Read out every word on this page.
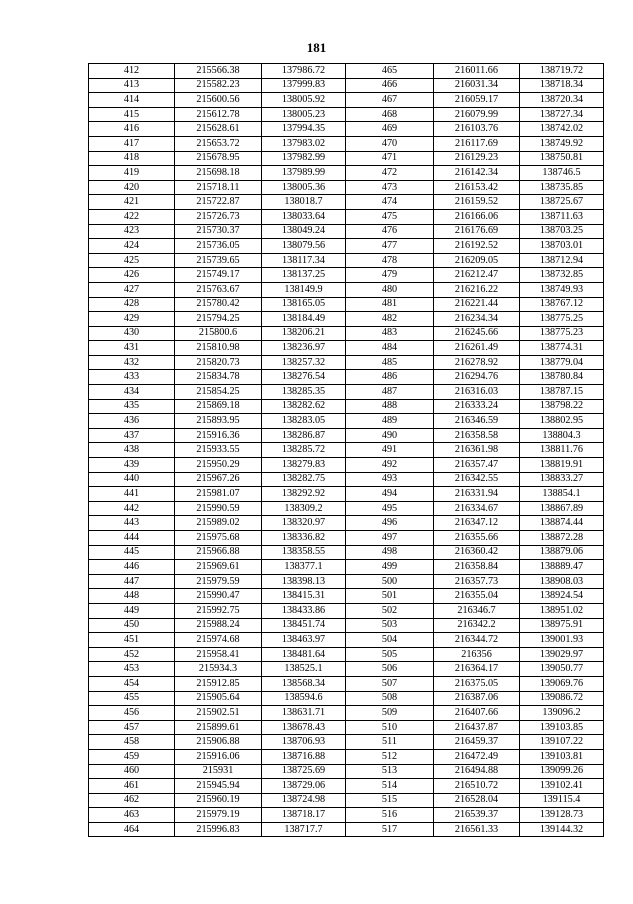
181
412	215566.38	137986.72	465	216011.66	138719.72
413	215582.23	137999.83	466	216031.34	138718.34
414	215600.56	138005.92	467	216059.17	138720.34
415	215612.78	138005.23	468	216079.99	138727.34
416	215628.61	137994.35	469	216103.76	138742.02
417	215653.72	137983.02	470	216117.69	138749.92
418	215678.95	137982.99	471	216129.23	138750.81
419	215698.18	137989.99	472	216142.34	138746.5
420	215718.11	138005.36	473	216153.42	138735.85
421	215722.87	138018.7	474	216159.52	138725.67
422	215726.73	138033.64	475	216166.06	138711.63
423	215730.37	138049.24	476	216176.69	138703.25
424	215736.05	138079.56	477	216192.52	138703.01
425	215739.65	138117.34	478	216209.05	138712.94
426	215749.17	138137.25	479	216212.47	138732.85
427	215763.67	138149.9	480	216216.22	138749.93
428	215780.42	138165.05	481	216221.44	138767.12
429	215794.25	138184.49	482	216234.34	138775.25
430	215800.6	138206.21	483	216245.66	138775.23
431	215810.98	138236.97	484	216261.49	138774.31
432	215820.73	138257.32	485	216278.92	138779.04
433	215834.78	138276.54	486	216294.76	138780.84
434	215854.25	138285.35	487	216316.03	138787.15
435	215869.18	138282.62	488	216333.24	138798.22
436	215893.95	138283.05	489	216346.59	138802.95
437	215916.36	138286.87	490	216358.58	138804.3
438	215933.55	138285.72	491	216361.98	138811.76
439	215950.29	138279.83	492	216357.47	138819.91
440	215967.26	138282.75	493	216342.55	138833.27
441	215981.07	138292.92	494	216331.94	138854.1
442	215990.59	138309.2	495	216334.67	138867.89
443	215989.02	138320.97	496	216347.12	138874.44
444	215975.68	138336.82	497	216355.66	138872.28
445	215966.88	138358.55	498	216360.42	138879.06
446	215969.61	138377.1	499	216358.84	138889.47
447	215979.59	138398.13	500	216357.73	138908.03
448	215990.47	138415.31	501	216355.04	138924.54
449	215992.75	138433.86	502	216346.7	138951.02
450	215988.24	138451.74	503	216342.2	138975.91
451	215974.68	138463.97	504	216344.72	139001.93
452	215958.41	138481.64	505	216356	139029.97
453	215934.3	138525.1	506	216364.17	139050.77
454	215912.85	138568.34	507	216375.05	139069.76
455	215905.64	138594.6	508	216387.06	139086.72
456	215902.51	138631.71	509	216407.66	139096.2
457	215899.61	138678.43	510	216437.87	139103.85
458	215906.88	138706.93	511	216459.37	139107.22
459	215916.06	138716.88	512	216472.49	139103.81
460	215931	138725.69	513	216494.88	139099.26
461	215945.94	138729.06	514	216510.72	139102.41
462	215960.19	138724.98	515	216528.04	139115.4
463	215979.19	138718.17	516	216539.37	139128.73
464	215996.83	138717.7	517	216561.33	139144.32
